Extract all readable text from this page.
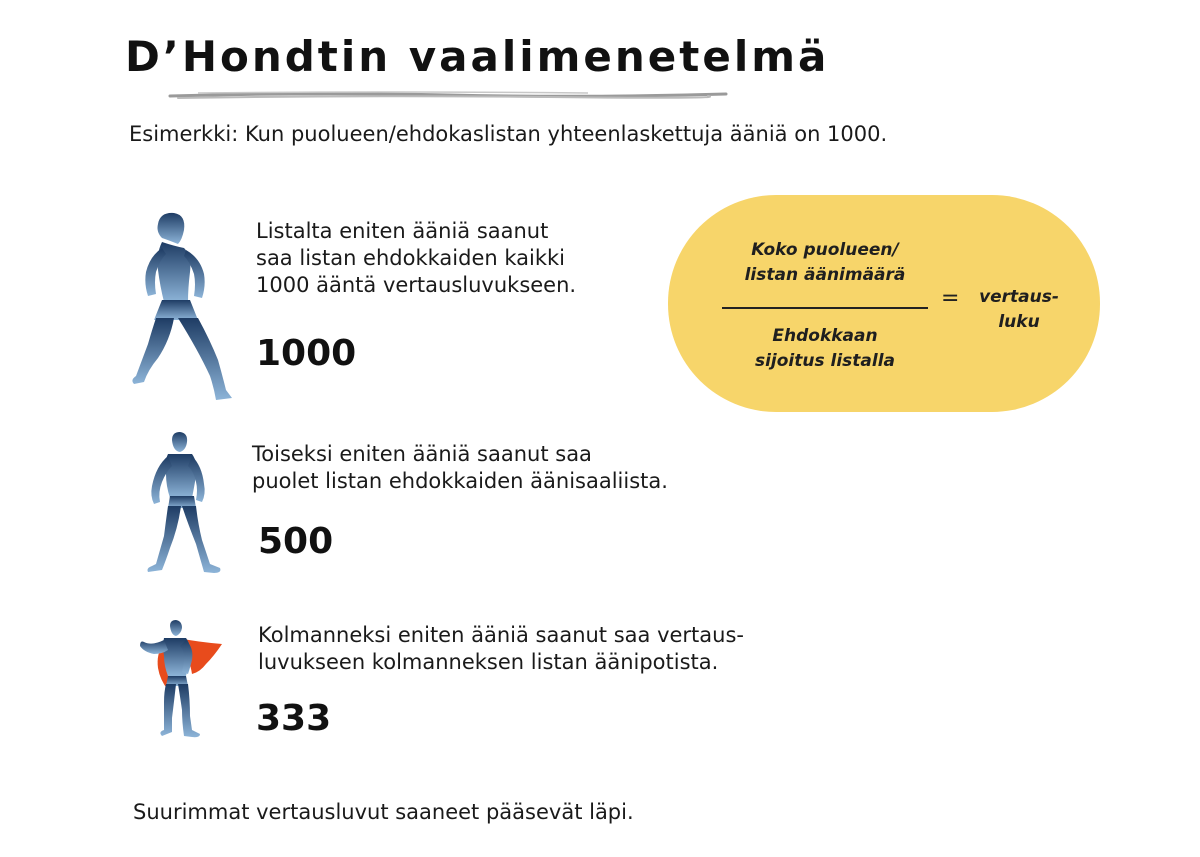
D’Hondtin vaalimenetelmä
Esimerkki: Kun puolueen/ehdokaslistan yhteenlaskettuja ääniä on 1000.
Listalta eniten ääniä saanut
saa listan ehdokkaiden kaikki
1000 ääntä vertausluvukseen.
1000
Koko puolueen/
listan äänimäärä
Ehdokkaan
sijoitus listalla
=	vertaus-
luku
Toiseksi eniten ääniä saanut saa
puolet listan ehdokkaiden äänisaaliista.
500
Kolmanneksi eniten ääniä saanut saa vertaus-
luvukseen kolmanneksen listan äänipotista.
333
Suurimmat vertausluvut saaneet pääsevät läpi.
